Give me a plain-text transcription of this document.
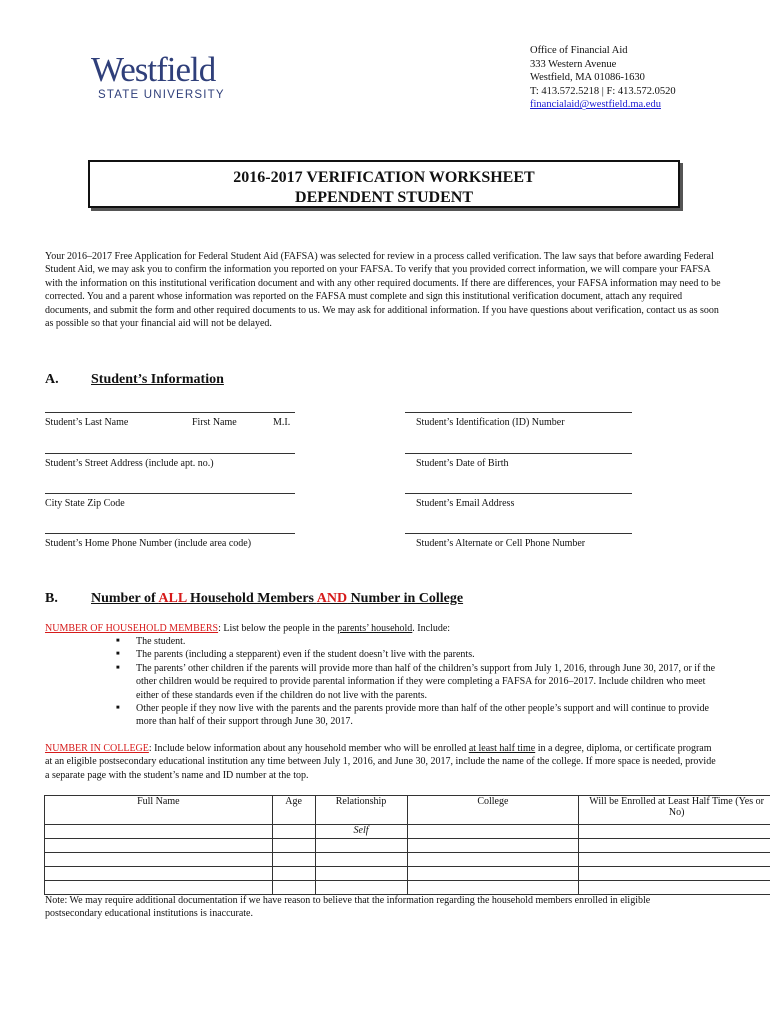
Westfield
STATE UNIVERSITY
Office of Financial Aid
333 Western Avenue
Westfield, MA 01086-1630
T: 413.572.5218 | F: 413.572.0520
financialaid@westfield.ma.edu
2016-2017 VERIFICATION WORKSHEET
DEPENDENT STUDENT
Your 2016–2017 Free Application for Federal Student Aid (FAFSA) was selected for review in a process called verification. The law says that before awarding Federal Student Aid, we may ask you to confirm the information you reported on your FAFSA. To verify that you provided correct information, we will compare your FAFSA with the information on this institutional verification document and with any other required documents. If there are differences, your FAFSA information may need to be corrected. You and a parent whose information was reported on the FAFSA must complete and sign this institutional verification document, attach any required documents, and submit the form and other required documents to us. We may ask for additional information. If you have questions about verification, contact us as soon as possible so that your financial aid will not be delayed.
A. Student’s Information
Student’s Last Name	First Name	M.I.	Student’s Identification (ID) Number
Student’s Street Address (include apt. no.)	Student’s Date of Birth
City State Zip Code	Student’s Email Address
Student’s Home Phone Number (include area code)	Student’s Alternate or Cell Phone Number
B. Number of ALL Household Members AND Number in College
NUMBER OF HOUSEHOLD MEMBERS: List below the people in the parents’ household. Include:
■ The student.
■ The parents (including a stepparent) even if the student doesn’t live with the parents.
■ The parents’ other children if the parents will provide more than half of the children’s support from July 1, 2016, through June 30, 2017, or if the other children would be required to provide parental information if they were completing a FAFSA for 2016–2017. Include children who meet either of these standards even if the children do not live with the parents.
■ Other people if they now live with the parents and the parents provide more than half of the other people’s support and will continue to provide more than half of their support through June 30, 2017.
NUMBER IN COLLEGE: Include below information about any household member who will be enrolled at least half time in a degree, diploma, or certificate program at an eligible postsecondary educational institution any time between July 1, 2016, and June 30, 2017, include the name of the college. If more space is needed, provide a separate page with the student’s name and ID number at the top.
Full Name	Age	Relationship	College	Will be Enrolled at Least Half Time (Yes or No)
		Self		

Note: We may require additional documentation if we have reason to believe that the information regarding the household members enrolled in eligible postsecondary educational institutions is inaccurate.
